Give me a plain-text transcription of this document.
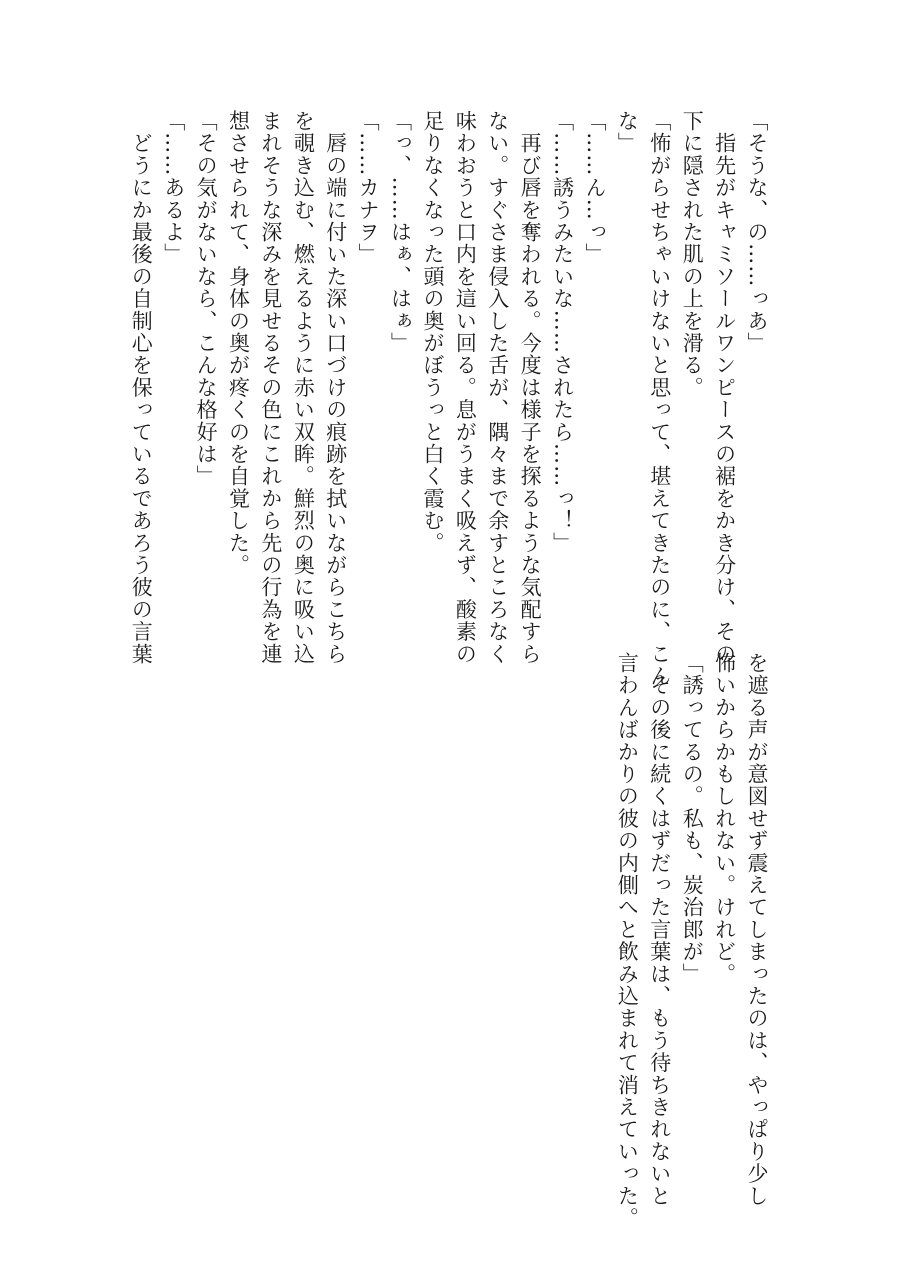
「そうな、の……っあ」

　指先がキャミソールワンピースの裾をかき分け、その

下に隠された肌の上を滑る。

「怖がらせちゃいけないと思って、堪えてきたのに、こん

な」

「……ん…っ」

「……誘うみたいな……されたら……っ！」

　再び唇を奪われる。今度は様子を探るような気配すら

ない。すぐさま侵入した舌が、隅々まで余すところなく

味わおうと口内を這い回る。息がうまく吸えず、酸素の

足りなくなった頭の奥がぼうっと白く霞む。

「っ、……はぁ、はぁ」

「……カナヲ」

　唇の端に付いた深い口づけの痕跡を拭いながらこちら

を覗き込む、燃えるように赤い双眸。鮮烈の奥に吸い込

まれそうな深みを見せるその色にこれから先の行為を連

想させられて、身体の奥が疼くのを自覚した。

「その気がないなら、こんな格好は」

「……あるよ」

　どうにか最後の自制心を保っているであろう彼の言葉

を遮る声が意図せず震えてしまったのは、やっぱり少し

怖いからかもしれない。けれど。

「誘ってるの。私も、炭治郎が」

　その後に続くはずだった言葉は、もう待ちきれないと

言わんばかりの彼の内側へと飲み込まれて消えていった。
